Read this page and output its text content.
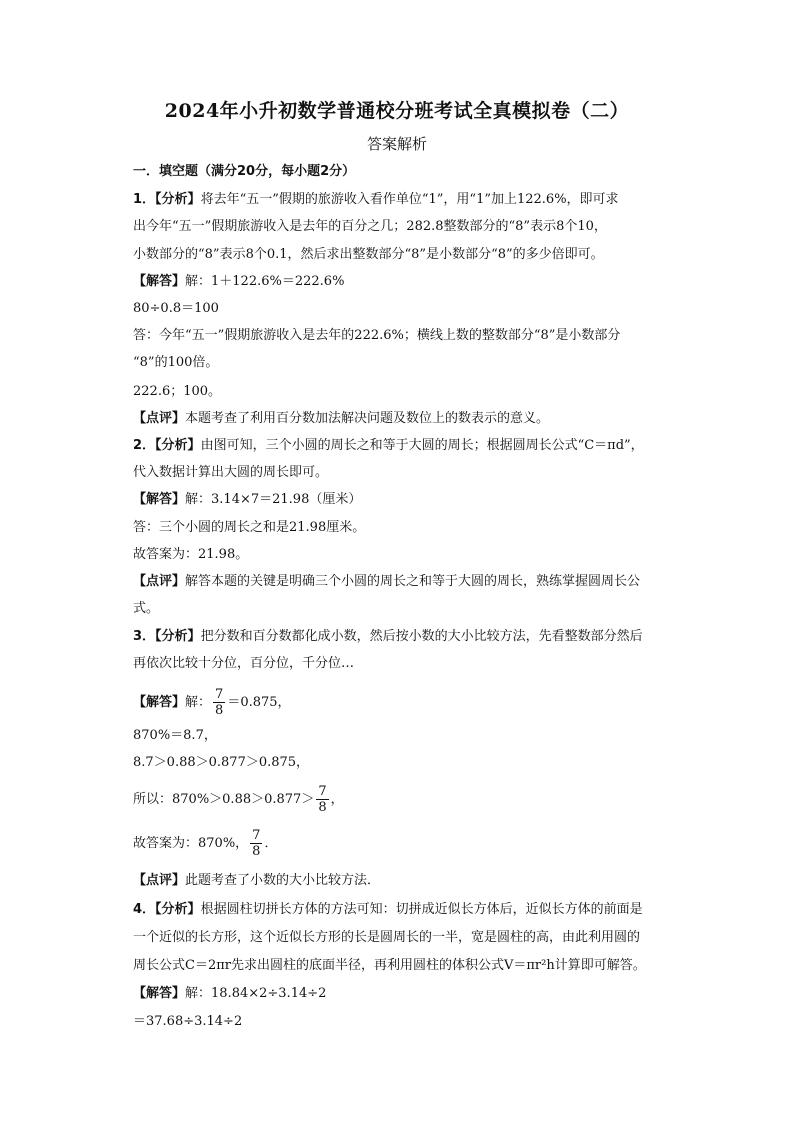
2024年小升初数学普通校分班考试全真模拟卷（二）
答案解析
一．填空题（满分20分，每小题2分）
1．【分析】将去年“五一”假期的旅游收入看作单位“1”，用“1”加上122.6%，即可求
出今年“五一”假期旅游收入是去年的百分之几；282.8整数部分的“8”表示8个10，
小数部分的“8”表示8个0.1，然后求出整数部分“8”是小数部分“8”的多少倍即可。
【解答】解：1＋122.6%＝222.6%
80÷0.8＝100
答：今年“五一”假期旅游收入是去年的222.6%；横线上数的整数部分“8”是小数部分
“8”的100倍。
222.6；100。
【点评】本题考查了利用百分数加法解决问题及数位上的数表示的意义。
2．【分析】由图可知，三个小圆的周长之和等于大圆的周长；根据圆周长公式“C＝πd”，
代入数据计算出大圆的周长即可。
【解答】解：3.14×7＝21.98（厘米）
答：三个小圆的周长之和是21.98厘米。
故答案为：21.98。
【点评】解答本题的关键是明确三个小圆的周长之和等于大圆的周长，熟练掌握圆周长公
式。
3．【分析】把分数和百分数都化成小数，然后按小数的大小比较方法，先看整数部分然后
再依次比较十分位，百分位，千分位…
【解答】解： $\frac{7}{8} =0.875$，
870%＝8.7，
8.7＞0.88＞0.877＞0.875，
所以：$870\%>0.88>0.877> \frac{7}{8}$ ，
故答案为：870%， $\frac{7}{8}$ ．
【点评】此题考查了小数的大小比较方法．
4．【分析】根据圆柱切拼长方体的方法可知：切拼成近似长方体后，近似长方体的前面是
一个近似的长方形，这个近似长方形的长是圆周长的一半，宽是圆柱的高，由此利用圆的
周长公式C＝2πr先求出圆柱的底面半径，再利用圆柱的体积公式V＝πr²h计算即可解答。
【解答】解：18.84×2÷3.14÷2
＝37.68÷3.14÷2
